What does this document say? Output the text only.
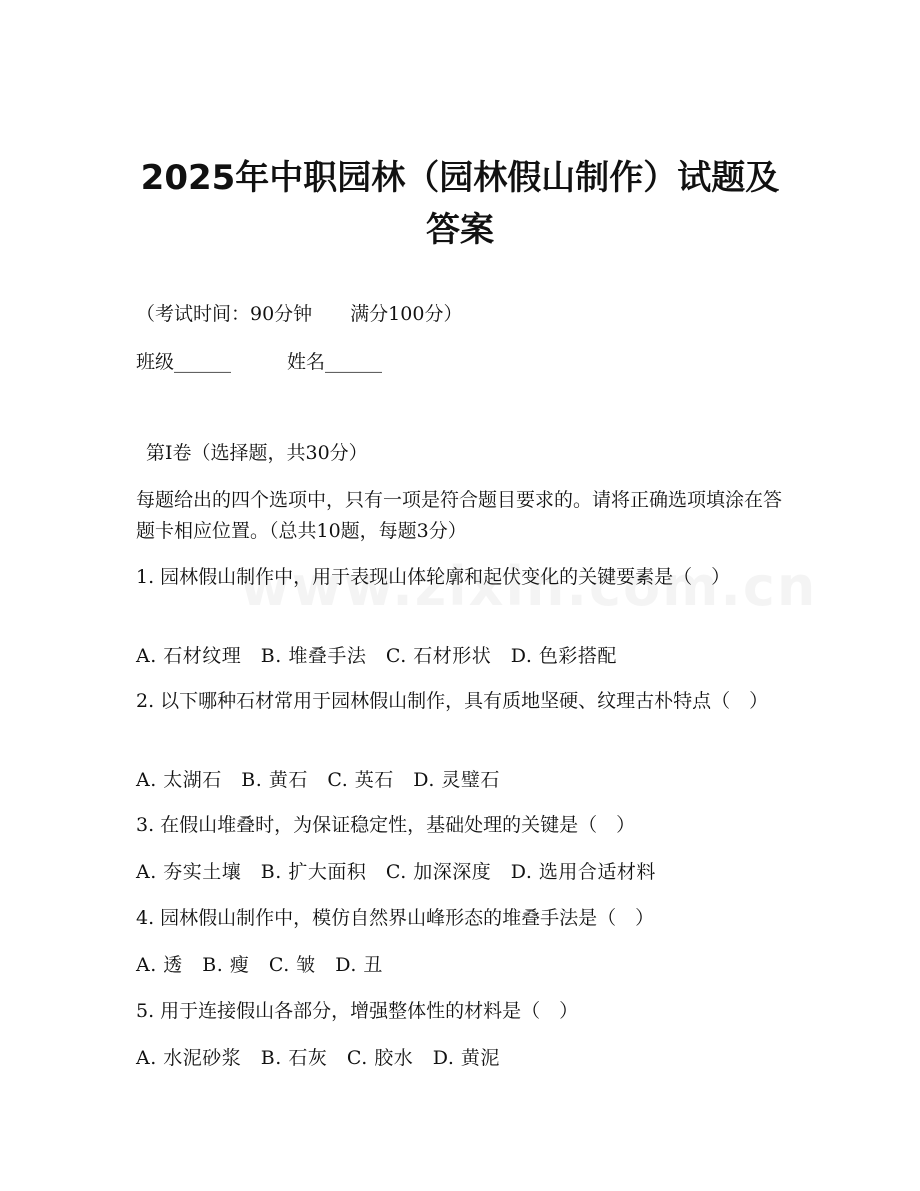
2025年中职园林（园林假山制作）试题及答案
（考试时间：90分钟　　满分100分）
班级______	姓名______
第Ⅰ卷（选择题，共30分）
每题给出的四个选项中，只有一项是符合题目要求的。请将正确选项填涂在答题卡相应位置。（总共10题，每题3分）
1. 园林假山制作中，用于表现山体轮廓和起伏变化的关键要素是（　）
A. 石材纹理　B. 堆叠手法　C. 石材形状　D. 色彩搭配
2. 以下哪种石材常用于园林假山制作，具有质地坚硬、纹理古朴特点（　）
A. 太湖石　B. 黄石　C. 英石　D. 灵璧石
3. 在假山堆叠时，为保证稳定性，基础处理的关键是（　）
A. 夯实土壤　B. 扩大面积　C. 加深深度　D. 选用合适材料
4. 园林假山制作中，模仿自然界山峰形态的堆叠手法是（　）
A. 透　B. 瘦　C. 皱　D. 丑
5. 用于连接假山各部分，增强整体性的材料是（　）
A. 水泥砂浆　B. 石灰　C. 胶水　D. 黄泥
